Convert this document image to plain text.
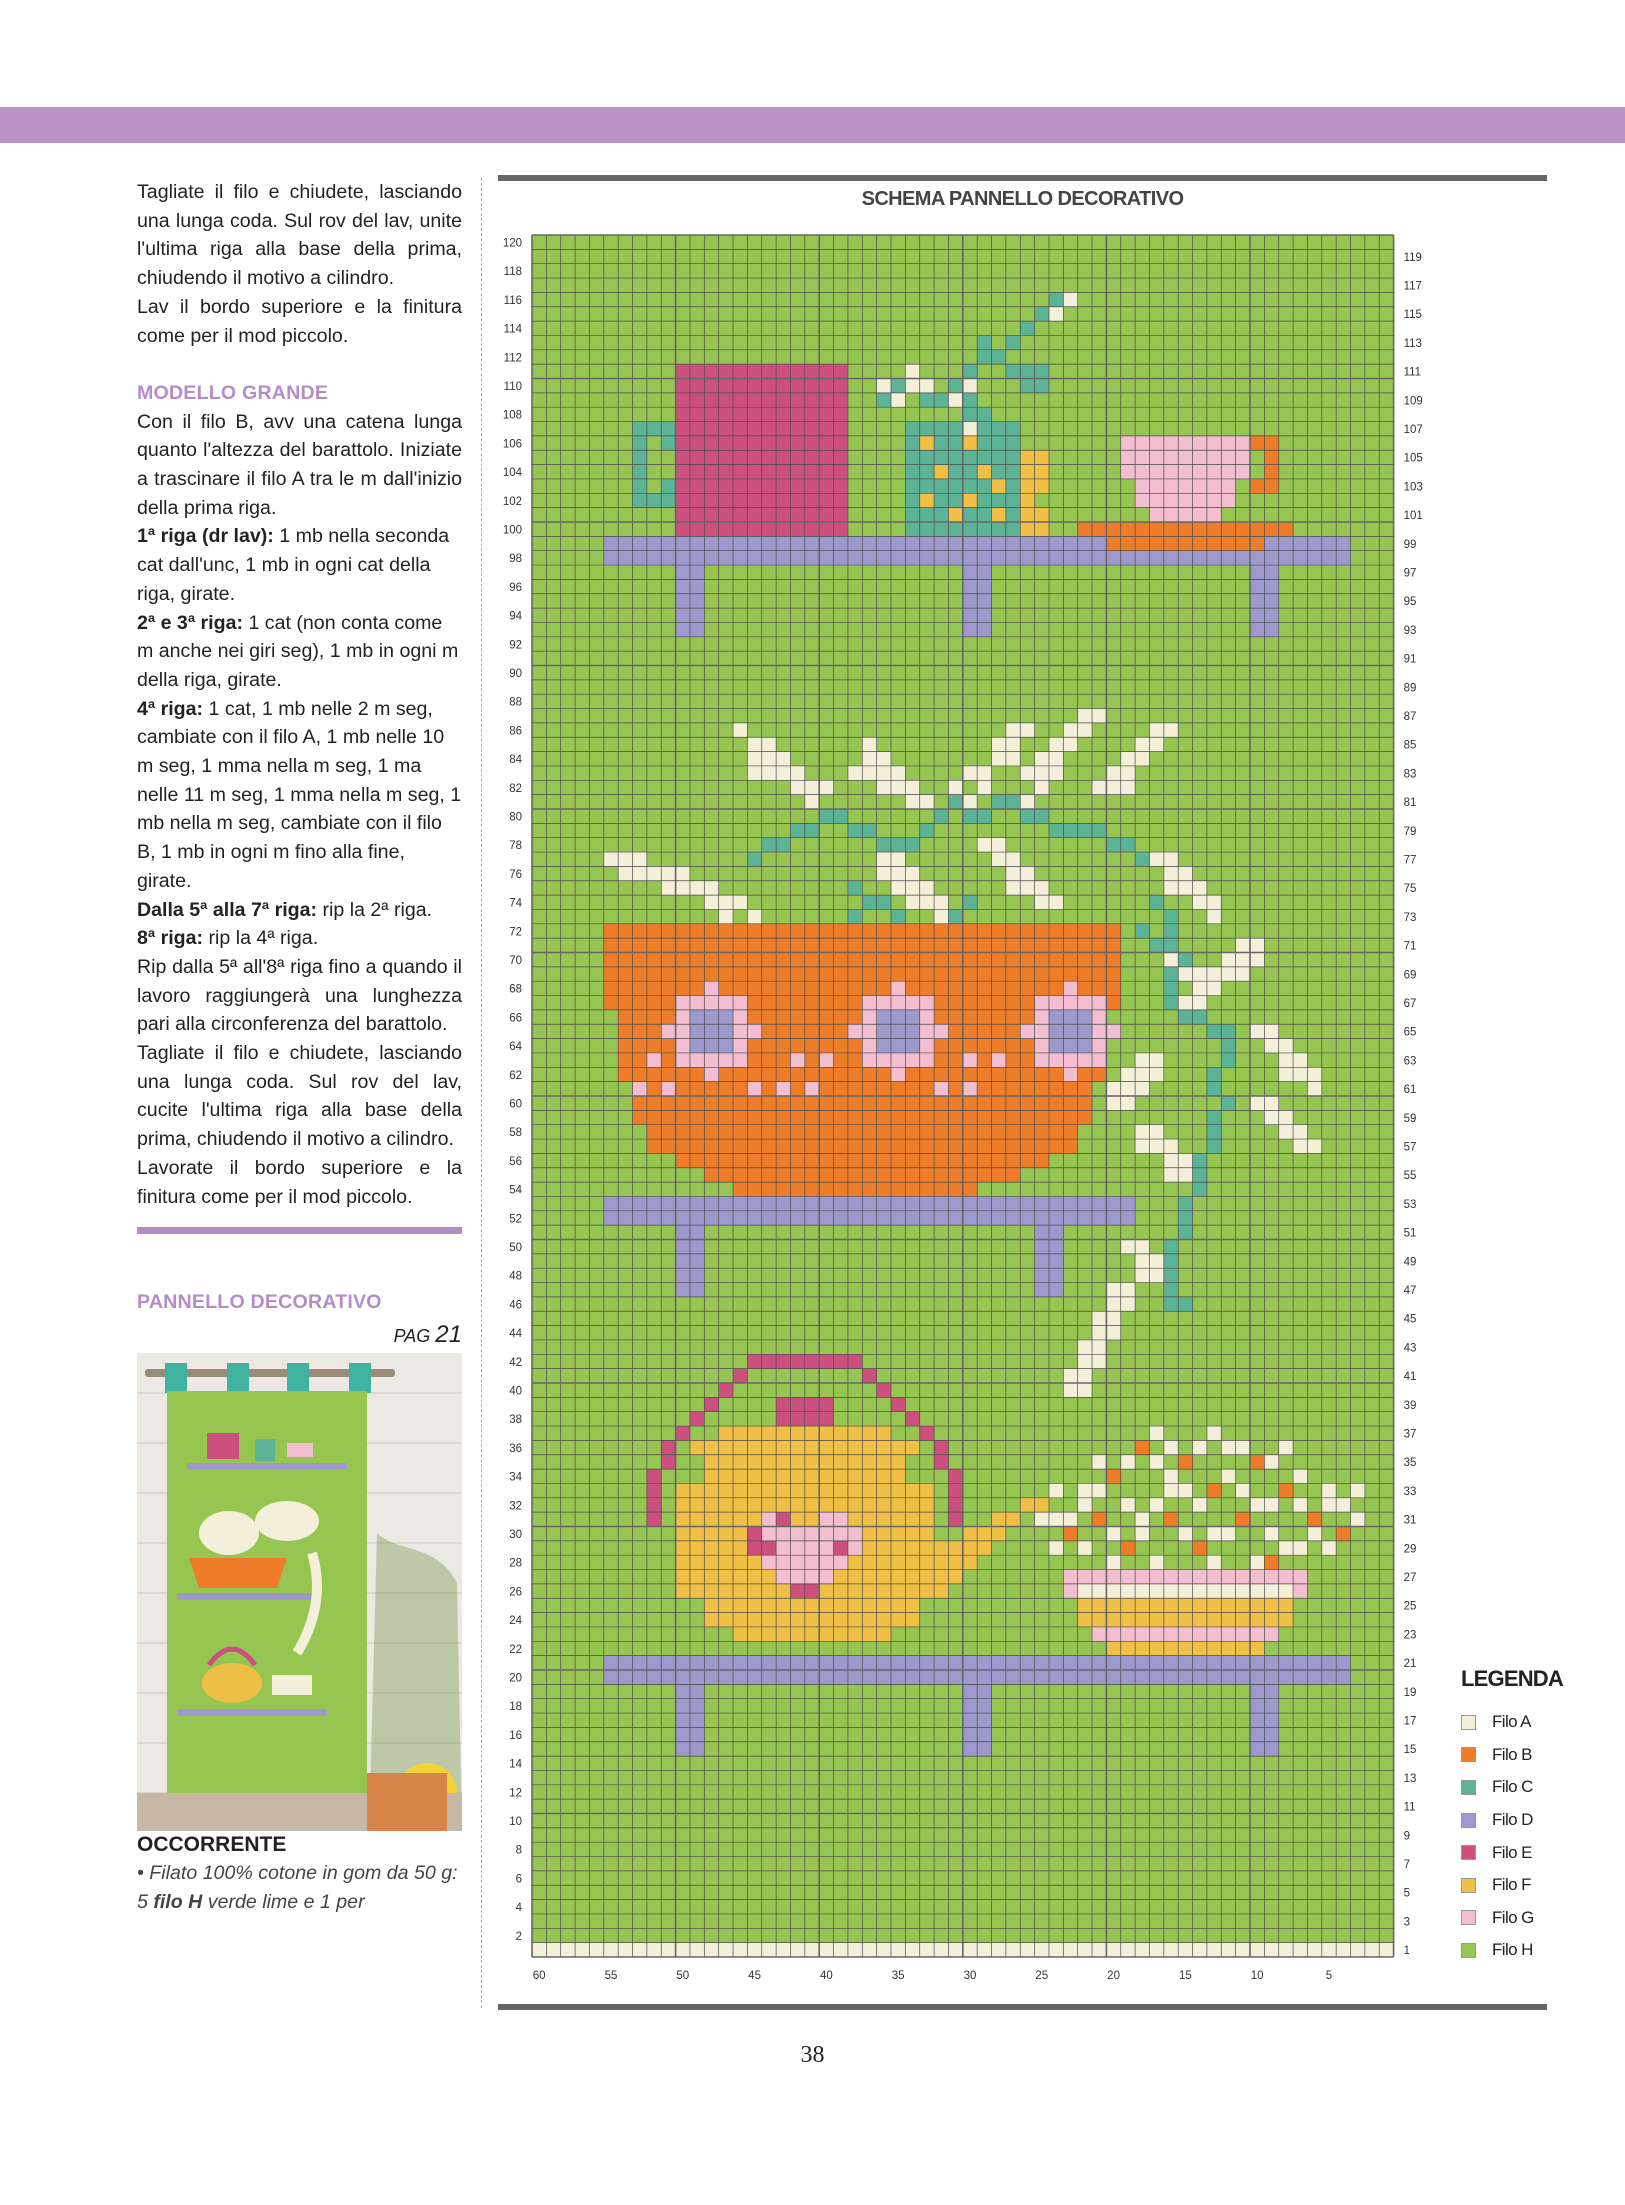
Tagliate il filo e chiudete, lasciando una lunga coda. Sul rov del lav, unite l'ultima riga alla base della prima, chiudendo il motivo a cilindro.

Lav il bordo superiore e la finitura come per il mod piccolo.

MODELLO GRANDE

Con il filo B, avv una catena lunga quanto l'altezza del barattolo. Iniziate a trascinare il filo A tra le m dall'inizio della prima riga.

1ª riga (dr lav): 1 mb nella seconda cat dall'unc, 1 mb in ogni cat della riga, girate.

2ª e 3ª riga: 1 cat (non conta come m anche nei giri seg), 1 mb in ogni m della riga, girate.

4ª riga: 1 cat, 1 mb nelle 2 m seg, cambiate con il filo A, 1 mb nelle 10 m seg, 1 mma nella m seg, 1 ma nelle 11 m seg, 1 mma nella m seg, 1 mb nella m seg, cambiate con il filo B, 1 mb in ogni m fino alla fine, girate.

Dalla 5ª alla 7ª riga: rip la 2ª riga.

8ª riga: rip la 4ª riga.

Rip dalla 5ª all'8ª riga fino a quando il lavoro raggiungerà una lunghezza pari alla circonferenza del barattolo.

Tagliate il filo e chiudete, lasciando una lunga coda. Sul rov del lav, cucite l'ultima riga alla base della prima, chiudendo il motivo a cilindro.

Lavorate il bordo superiore e la finitura come per il mod piccolo.

PANNELLO DECORATIVO

PAG 21

OCCORRENTE

• Filato 100% cotone in gom da 50 g: 5 filo H verde lime e 1 per

SCHEMA PANNELLO DECORATIVO
120
118
116
114
112
110
108
106
104
102
100
98
96
94
92
90
88
86
84
82
80
78
76
74
72
70
68
66
64
62
60
58
56
54
52
50
48
46
44
42
40
38
36
34
32
30
28
26
24
22
20
18
16
14
12
10
8
6
4
2
119
117
115
113
111
109
107
105
103
101
99
97
95
93
91
89
87
85
83
81
79
77
75
73
71
69
67
65
63
61
59
57
55
53
51
49
47
45
43
41
39
37
35
33
31
29
27
25
23
21
19
17
15
13
11
9
7
5
3
1
60	55	50	45	40	35	30	25	20	15	10	5
LEGENDA
Filo A
Filo B
Filo C
Filo D
Filo E
Filo F
Filo G
Filo H
38
